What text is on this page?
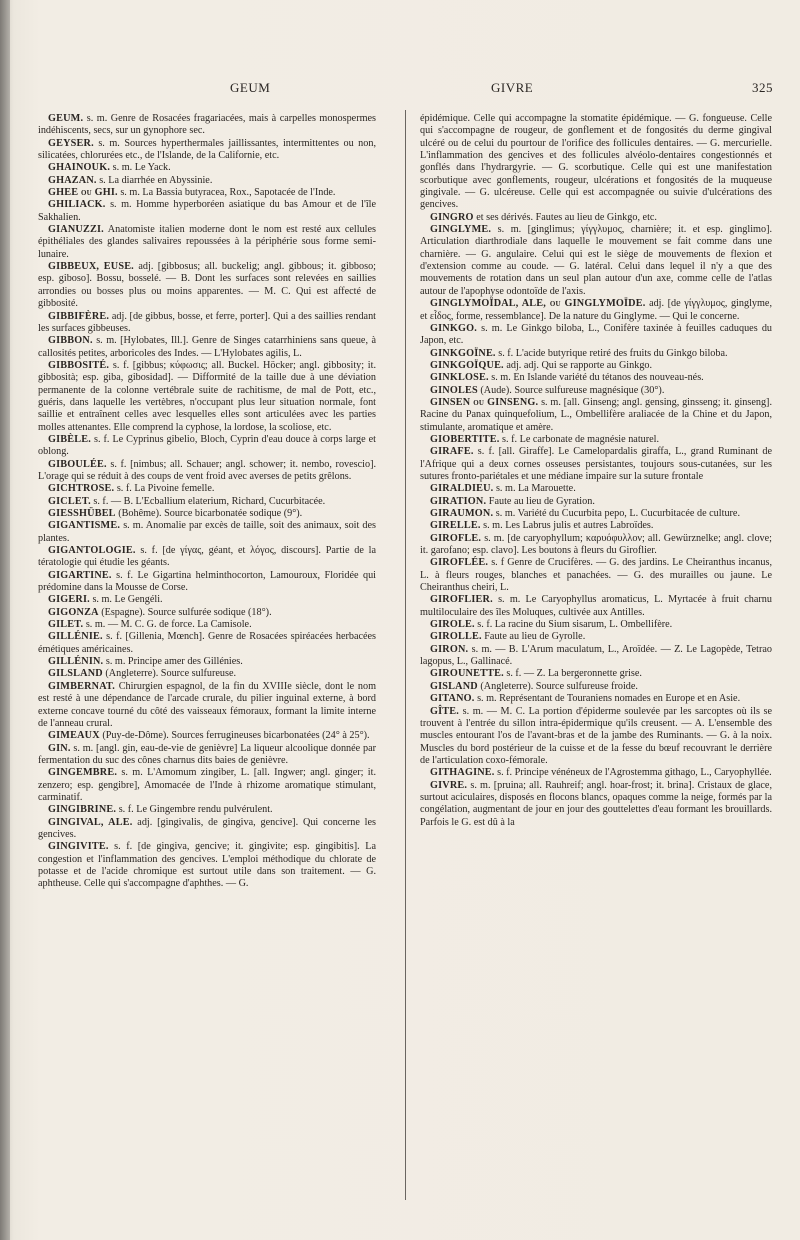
GEUM	GIVRE	325

GEUM. s. m. Genre de Rosacées fragariacées, mais à carpelles monospermes indéhiscents, secs, sur un gynophore sec.

GEYSER. s. m. Sources hyperthermales jaillissantes, intermittentes ou non, silicatées, chlorurées etc., de l'Islande, de la Californie, etc.

GHAINOUK. s. m. Le Yack.

GHAZAN. s. La diarrhée en Abyssinie.

GHEE ou GHI. s. m. La Bassia butyracea, Rox., Sapotacée de l'Inde.

GHILIACK. s. m. Homme hyperboréen asiatique du bas Amour et de l'île Sakhalien.

GIANUZZI. Anatomiste italien moderne dont le nom est resté aux cellules épithéliales des glandes salivaires repoussées à la périphérie sous forme semi-lunaire.

GIBBEUX, EUSE. adj. [gibbosus; all. buckelig; angl. gibbous; it. gibboso; esp. giboso]. Bossu, bosselé. — B. Dont les surfaces sont relevées en saillies arrondies ou bosses plus ou moins apparentes. — M. C. Qui est affecté de gibbosité.

GIBBIFÈRE. adj. [de gibbus, bosse, et ferre, porter]. Qui a des saillies rendant les surfaces gibbeuses.

GIBBON. s. m. [Hylobates, Ill.]. Genre de Singes catarrhiniens sans queue, à callosités petites, arboricoles des Indes. — L'Hylobates agilis, L.

GIBBOSITÉ. s. f. [gibbus; κύφωσις; all. Buckel. Höcker; angl. gibbosity; it. gibbosità; esp. giba, gibosidad]. — Difformité de la taille due à une déviation permanente de la colonne vertébrale suite de rachitisme, de mal de Pott, etc., guéris, dans laquelle les vertèbres, n'occupant plus leur situation normale, font saillie et entraînent celles avec lesquelles elles sont articulées avec les parties molles attenantes. Elle comprend la cyphose, la lordose, la scoliose, etc.

GIBÈLE. s. f. Le Cyprinus gibelio, Bloch, Cyprin d'eau douce à corps large et oblong.

GIBOULÉE. s. f. [nimbus; all. Schauer; angl. schower; it. nembo, rovescio]. L'orage qui se réduit à des coups de vent froid avec averses de petits grêlons.

GICHTROSE. s. f. La Pivoine femelle.

GICLET. s. f. — B. L'Ecballium elaterium, Richard, Cucurbitacée.

GIESSHÜBEL (Bohême). Source bicarbonatée sodique (9°).

GIGANTISME. s. m. Anomalie par excès de taille, soit des animaux, soit des plantes.

GIGANTOLOGIE. s. f. [de γίγας, géant, et λόγος, discours]. Partie de la tératologie qui étudie les géants.

GIGARTINE. s. f. Le Gigartina helminthocorton, Lamouroux, Floridée qui prédomine dans la Mousse de Corse.

GIGERI. s. m. Le Gengéli.

GIGONZA (Espagne). Source sulfurée sodique (18°).

GILET. s. m. — M. C. G. de force. La Camisole.

GILLÉNIE. s. f. [Gillenia, Mœnch]. Genre de Rosacées spiréacées herbacées émétiques américaines.

GILLÉNIN. s. m. Principe amer des Gillénies.

GILSLAND (Angleterre). Source sulfureuse.

GIMBERNAT. Chirurgien espagnol, de la fin du XVIIIe siècle, dont le nom est resté à une dépendance de l'arcade crurale, du pilier inguinal externe, à bord externe concave tourné du côté des vaisseaux fémoraux, formant la limite interne de l'anneau crural.

GIMEAUX (Puy-de-Dôme). Sources ferrugineuses bicarbonatées (24° à 25°).

GIN. s. m. [angl. gin, eau-de-vie de genièvre] La liqueur alcoolique donnée par fermentation du suc des cônes charnus dits baies de genièvre.

GINGEMBRE. s. m. L'Amomum zingiber, L. [all. Ingwer; angl. ginger; it. zenzero; esp. gengibre], Amomacée de l'Inde à rhizome aromatique stimulant, carminatif.

GINGIBRINE. s. f. Le Gingembre rendu pulvérulent.

GINGIVAL, ALE. adj. [gingivalis, de gingiva, gencive]. Qui concerne les gencives.

GINGIVITE. s. f. [de gingiva, gencive; it. gingivite; esp. gingibitis]. La congestion et l'inflammation des gencives. L'emploi méthodique du chlorate de potasse et de l'acide chromique est surtout utile dans son traitement. — G. aphtheuse. Celle qui s'accompagne d'aphthes. — G.

épidémique. Celle qui accompagne la stomatite épidémique. — G. fongueuse. Celle qui s'accompagne de rougeur, de gonflement et de fongosités du derme gingival ulcéré ou de celui du pourtour de l'orifice des follicules dentaires. — G. mercurielle. L'inflammation des gencives et des follicules alvéolo-dentaires congestionnés et gonflés dans l'hydrargyrie. — G. scorbutique. Celle qui est une manifestation scorbutique avec gonflements, rougeur, ulcérations et fongosités de la muqueuse gingivale. — G. ulcéreuse. Celle qui est accompagnée ou suivie d'ulcérations des gencives.

GINGRO et ses dérivés. Fautes au lieu de Ginkgo, etc.

GINGLYME. s. m. [ginglimus; γίγγλυμος, charnière; it. et esp. ginglimo]. Articulation diarthrodiale dans laquelle le mouvement se fait comme dans une charnière. — G. angulaire. Celui qui est le siège de mouvements de flexion et d'extension comme au coude. — G. latéral. Celui dans lequel il n'y a que des mouvements de rotation dans un seul plan autour d'un axe, comme celle de l'atlas autour de l'apophyse odontoïde de l'axis.

GINGLYMOÏDAL, ALE, ou GINGLYMOÏDE. adj. [de γίγγλυμος, ginglyme, et εἶδος, forme, ressemblance]. De la nature du Ginglyme. — Qui le concerne.

GINKGO. s. m. Le Ginkgo biloba, L., Conifère taxinée à feuilles caduques du Japon, etc.

GINKGOÏNE. s. f. L'acide butyrique retiré des fruits du Ginkgo biloba.

GINKGOÏQUE. adj. adj. Qui se rapporte au Ginkgo.

GINKLOSE. s. m. En Islande variété du tétanos des nouveau-nés.

GINOLES (Aude). Source sulfureuse magnésique (30°).

GINSEN ou GINSENG. s. m. [all. Ginseng; angl. gensing, ginsseng; it. ginseng]. Racine du Panax quinquefolium, L., Ombellifère araliacée de la Chine et du Japon, stimulante, aromatique et amère.

GIOBERTITE. s. f. Le carbonate de magnésie naturel.

GIRAFE. s. f. [all. Giraffe]. Le Camelopardalis giraffa, L., grand Ruminant de l'Afrique qui a deux cornes osseuses persistantes, toujours sous-cutanées, sur les sutures fronto-pariétales et une médiane impaire sur la suture frontale

GIRALDIEU. s. m. La Marouette.

GIRATION. Faute au lieu de Gyration.

GIRAUMON. s. m. Variété du Cucurbita pepo, L. Cucurbitacée de culture.

GIRELLE. s. m. Les Labrus julis et autres Labroïdes.

GIROFLE. s. m. [de caryophyllum; καρυόφυλλον; all. Gewürznelke; angl. clove; it. garofano; esp. clavo]. Les boutons à fleurs du Giroflier.

GIROFLÉE. s. f Genre de Crucifères. — G. des jardins. Le Cheiranthus incanus, L. à fleurs rouges, blanches et panachées. — G. des murailles ou jaune. Le Cheiranthus cheiri, L.

GIROFLIER. s. m. Le Caryophyllus aromaticus, L. Myrtacée à fruit charnu multiloculaire des îles Moluques, cultivée aux Antilles.

GIROLE. s. f. La racine du Sium sisarum, L. Ombellifère.

GIROLLE. Faute au lieu de Gyrolle.

GIRON. s. m. — B. L'Arum maculatum, L., Aroïdée. — Z. Le Lagopède, Tetrao lagopus, L., Gallinacé.

GIROUNETTE. s. f. — Z. La bergeronnette grise.

GISLAND (Angleterre). Source sulfureuse froide.

GITANO. s. m. Représentant de Touraniens nomades en Europe et en Asie.

GÎTE. s. m. — M. C. La portion d'épiderme soulevée par les sarcoptes où ils se trouvent à l'entrée du sillon intra-épidermique qu'ils creusent. — A. L'ensemble des muscles entourant l'os de l'avant-bras et de la jambe des Ruminants. — G. à la noix. Muscles du bord postérieur de la cuisse et de la fesse du bœuf recouvrant le derrière de l'articulation coxo-fémorale.

GITHAGINE. s. f. Principe vénéneux de l'Agrostemma githago, L., Caryophyllée.

GIVRE. s. m. [pruina; all. Rauhreif; angl. hoar-frost; it. brina]. Cristaux de glace, surtout aciculaires, disposés en flocons blancs, opaques comme la neige, formés par la congélation, augmentant de jour en jour des gouttelettes d'eau formant les brouillards. Parfois le G. est dû à la
